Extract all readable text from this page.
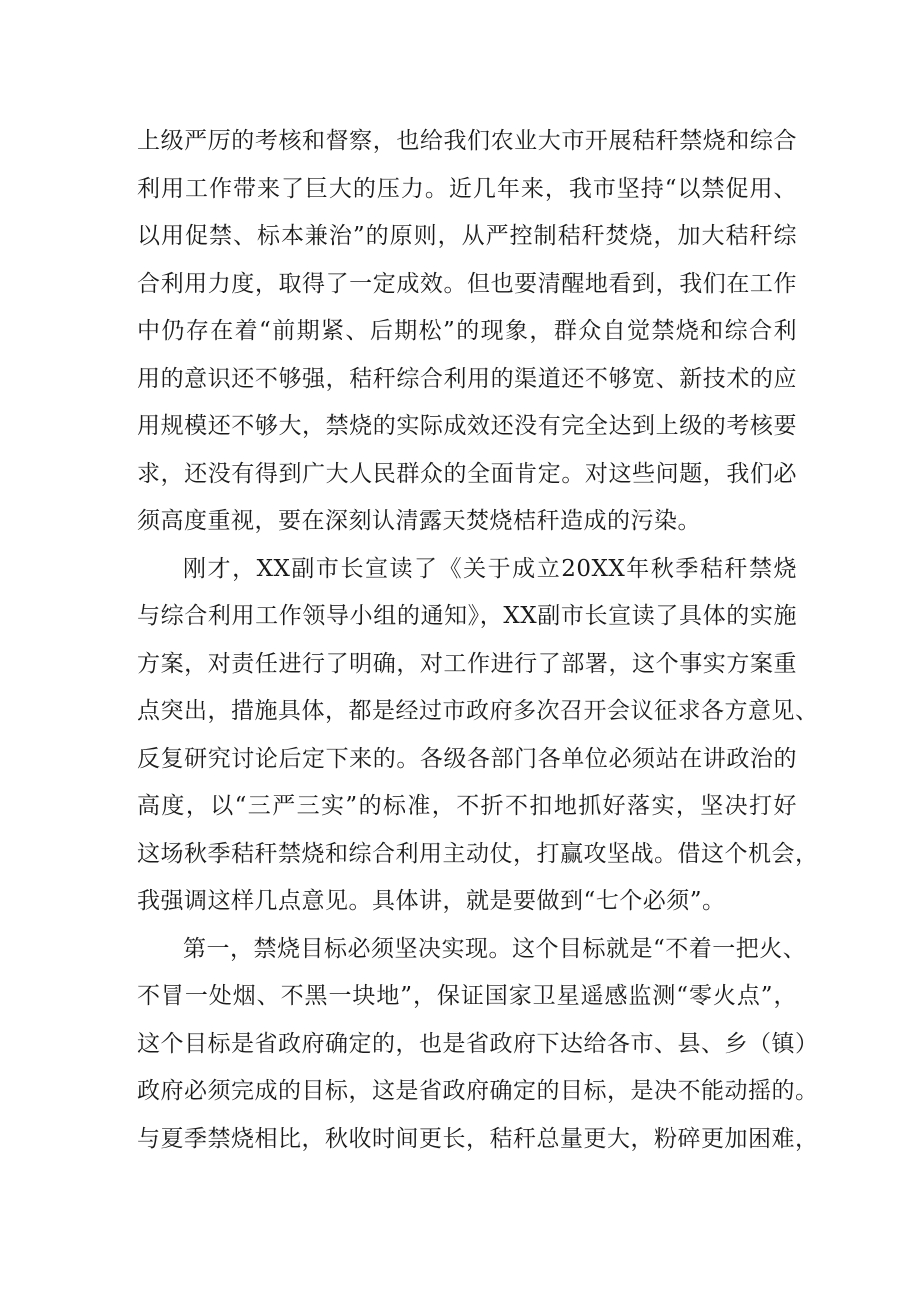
上级严厉的考核和督察，也给我们农业大市开展秸秆禁烧和综合
利用工作带来了巨大的压力。近几年来，我市坚持“以禁促用、
以用促禁、标本兼治”的原则，从严控制秸秆焚烧，加大秸秆综
合利用力度，取得了一定成效。但也要清醒地看到，我们在工作
中仍存在着“前期紧、后期松”的现象，群众自觉禁烧和综合利
用的意识还不够强，秸秆综合利用的渠道还不够宽、新技术的应
用规模还不够大，禁烧的实际成效还没有完全达到上级的考核要
求，还没有得到广大人民群众的全面肯定。对这些问题，我们必
须高度重视，要在深刻认清露天焚烧桔秆造成的污染。
刚才，XX副市长宣读了《关于成立20XX年秋季秸秆禁烧
与综合利用工作领导小组的通知》，XX副市长宣读了具体的实施
方案，对责任进行了明确，对工作进行了部署，这个事实方案重
点突出，措施具体，都是经过市政府多次召开会议征求各方意见、
反复研究讨论后定下来的。各级各部门各单位必须站在讲政治的
高度，以“三严三实”的标准，不折不扣地抓好落实，坚决打好
这场秋季秸秆禁烧和综合利用主动仗，打赢攻坚战。借这个机会，
我强调这样几点意见。具体讲，就是要做到“七个必须”。
第一，禁烧目标必须坚决实现。这个目标就是“不着一把火、
不冒一处烟、不黑一块地”，保证国家卫星遥感监测“零火点”，
这个目标是省政府确定的，也是省政府下达给各市、县、乡（镇）
政府必须完成的目标，这是省政府确定的目标，是决不能动摇的。
与夏季禁烧相比，秋收时间更长，秸秆总量更大，粉碎更加困难，
